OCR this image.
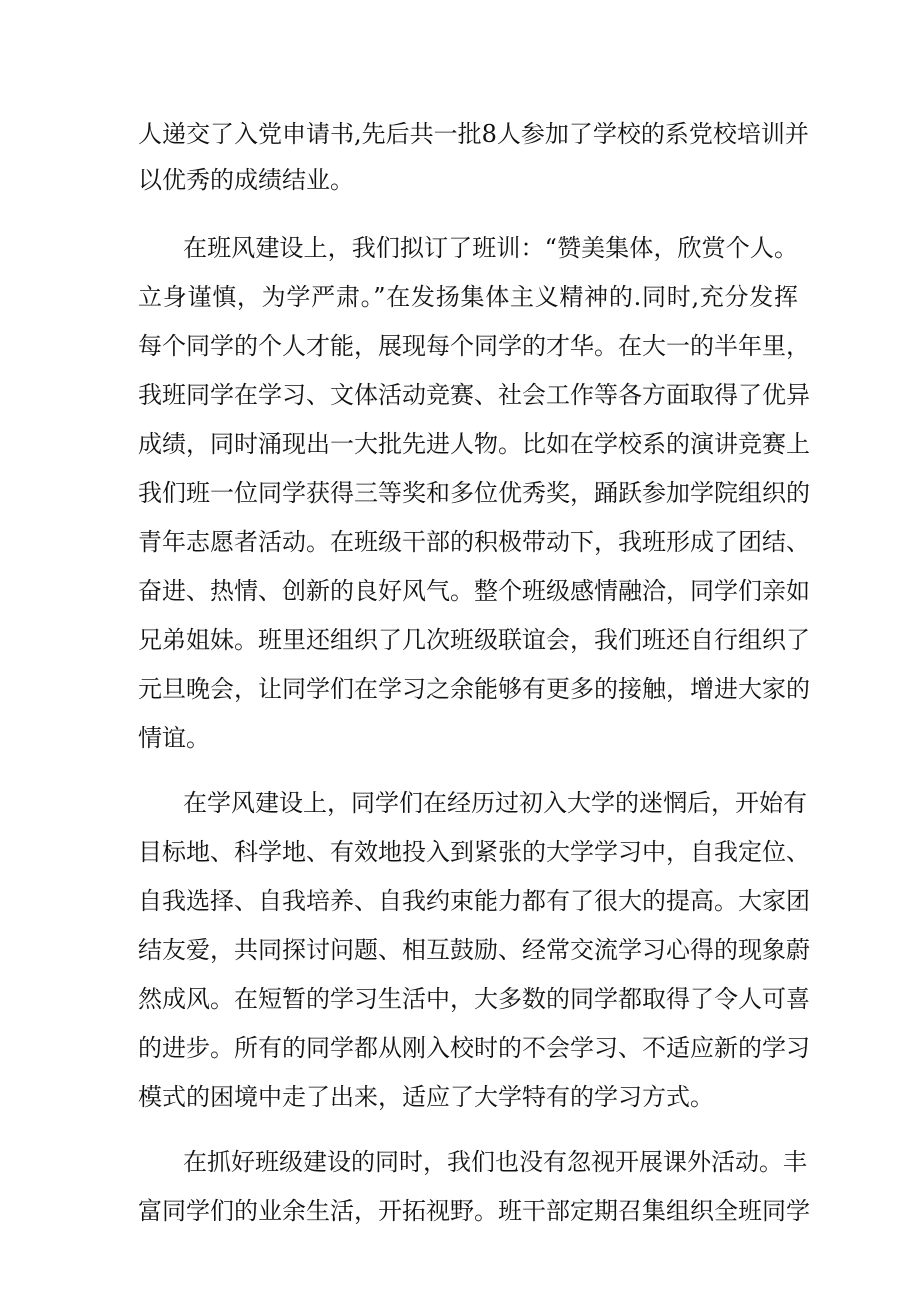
人递交了入党申请书,先后共一批8人参加了学校的系党校培训并
以优秀的成绩结业。
在班风建设上，我们拟订了班训：“赞美集体，欣赏个人。
立身谨慎，为学严肃。”在发扬集体主义精神的.同时,充分发挥
每个同学的个人才能，展现每个同学的才华。在大一的半年里，
我班同学在学习、文体活动竞赛、社会工作等各方面取得了优异
成绩，同时涌现出一大批先进人物。比如在学校系的演讲竞赛上
我们班一位同学获得三等奖和多位优秀奖，踊跃参加学院组织的
青年志愿者活动。在班级干部的积极带动下，我班形成了团结、
奋进、热情、创新的良好风气。整个班级感情融洽，同学们亲如
兄弟姐妹。班里还组织了几次班级联谊会，我们班还自行组织了
元旦晚会，让同学们在学习之余能够有更多的接触，增进大家的
情谊。
在学风建设上，同学们在经历过初入大学的迷惘后，开始有
目标地、科学地、有效地投入到紧张的大学学习中，自我定位、
自我选择、自我培养、自我约束能力都有了很大的提高。大家团
结友爱，共同探讨问题、相互鼓励、经常交流学习心得的现象蔚
然成风。在短暂的学习生活中，大多数的同学都取得了令人可喜
的进步。所有的同学都从刚入校时的不会学习、不适应新的学习
模式的困境中走了出来，适应了大学特有的学习方式。
在抓好班级建设的同时，我们也没有忽视开展课外活动。丰
富同学们的业余生活，开拓视野。班干部定期召集组织全班同学
